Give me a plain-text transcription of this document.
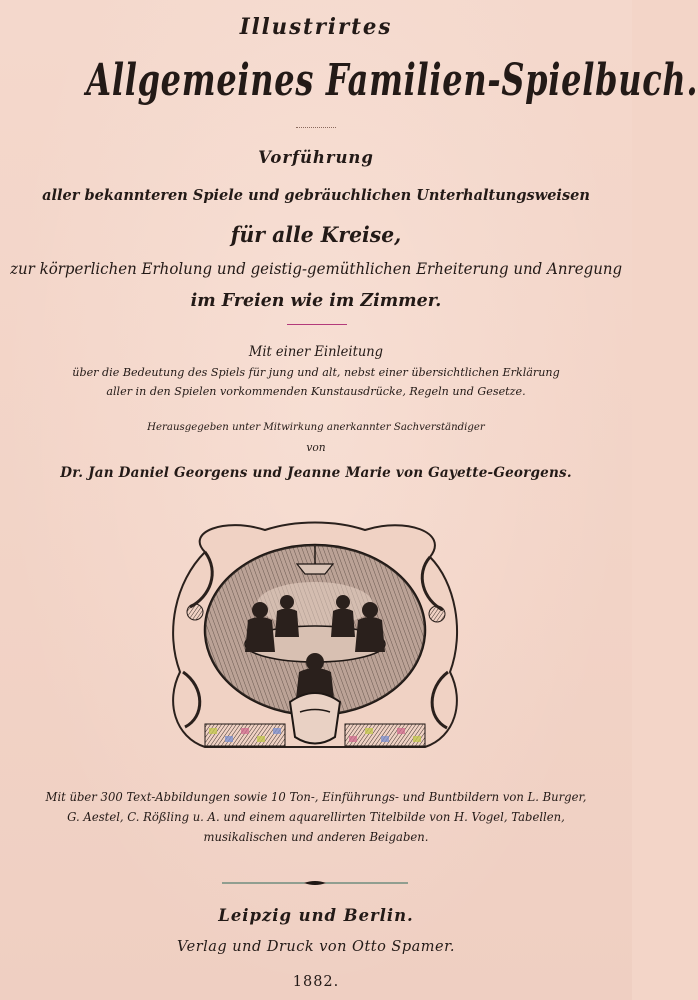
Illustrirtes
Allgemeines Familien-Spielbuch.
Vorführung
aller bekannteren Spiele und gebräuchlichen Unterhaltungsweisen
für alle Kreise,
zur körperlichen Erholung und geistig-gemüthlichen Erheiterung und Anregung
im Freien wie im Zimmer.
Mit einer Einleitung
über die Bedeutung des Spiels für jung und alt, nebst einer übersichtlichen Erklärung
aller in den Spielen vorkommenden Kunstausdrücke, Regeln und Gesetze.
Herausgegeben unter Mitwirkung anerkannter Sachverständiger
von
Dr. Jan Daniel Georgens und Jeanne Marie von Gayette-Georgens.
Mit über 300 Text-Abbildungen sowie 10 Ton-, Einführungs- und Buntbildern von L. Burger,
G. Aestel, C. Rößling u. A. und einem aquarellirten Titelbilde von H. Vogel, Tabellen,
musikalischen und anderen Beigaben.
Leipzig und Berlin.
Verlag und Druck von Otto Spamer.
1882.
